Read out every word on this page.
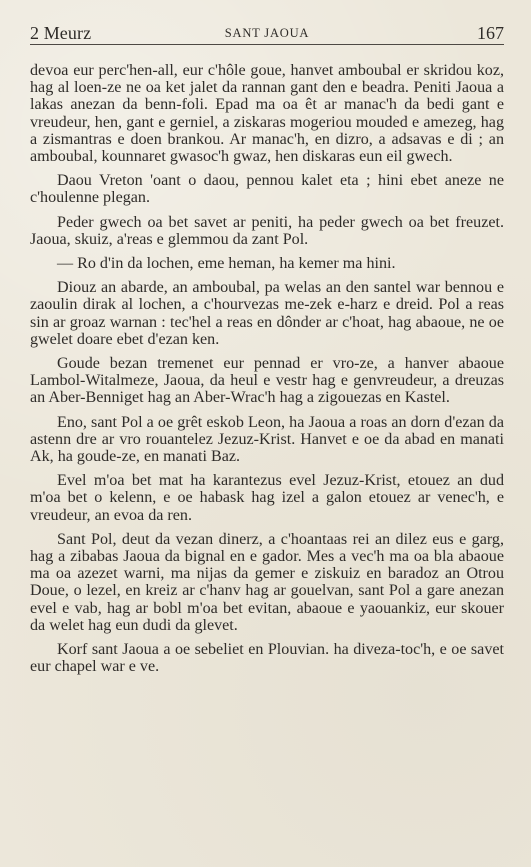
2 Meurz	SANT JAOUA	167

devoa eur perc'hen-all, eur c'hôle goue, hanvet amboubal er skridou koz, hag al loen-ze ne oa ket jalet da rannan gant den e beadra. Peniti Jaoua a lakas anezan da benn-foli. Epad ma oa êt ar manac'h da bedi gant e vreudeur, hen, gant e gerniel, a ziskaras mogeriou mouded e amezeg, hag a zismantras e doen brankou. Ar manac'h, en dizro, a adsavas e di ; an amboubal, kounnaret gwasoc'h gwaz, hen diskaras eun eil gwech.

Daou Vreton 'oant o daou, pennou kalet eta ; hini ebet aneze ne c'houlenne plegan.

Peder gwech oa bet savet ar peniti, ha peder gwech oa bet freuzet. Jaoua, skuiz, a'reas e glemmou da zant Pol.

— Ro d'in da lochen, eme heman, ha kemer ma hini.

Diouz an abarde, an amboubal, pa welas an den santel war bennou e zaoulin dirak al lochen, a c'hourvezas me-zek e-harz e dreid. Pol a reas sin ar groaz warnan : tec'hel a reas en dônder ar c'hoat, hag abaoue, ne oe gwelet doare ebet d'ezan ken.

Goude bezan tremenet eur pennad er vro-ze, a hanver abaoue Lambol-Witalmeze, Jaoua, da heul e vestr hag e genvreudeur, a dreuzas an Aber-Benniget hag an Aber-Wrac'h hag a zigouezas en Kastel.

Eno, sant Pol a oe grêt eskob Leon, ha Jaoua a roas an dorn d'ezan da astenn dre ar vro rouantelez Jezuz-Krist. Hanvet e oe da abad en manati Ak, ha goude-ze, en manati Baz.

Evel m'oa bet mat ha karantezus evel Jezuz-Krist, etouez an dud m'oa bet o kelenn, e oe habask hag izel a galon etouez ar venec'h, e vreudeur, an evoa da ren.

Sant Pol, deut da vezan dinerz, a c'hoantaas rei an dilez eus e garg, hag a zibabas Jaoua da bignal en e gador. Mes a vec'h ma oa bla abaoue ma oa azezet warni, ma nijas da gemer e ziskuiz en baradoz an Otrou Doue, o lezel, en kreiz ar c'hanv hag ar gouelvan, sant Pol a gare anezan evel e vab, hag ar bobl m'oa bet evitan, abaoue e yaouankiz, eur skouer da welet hag eun dudi da glevet.

Korf sant Jaoua a oe sebeliet en Plouvian. ha diveza-toc'h, e oe savet eur chapel war e ve.
